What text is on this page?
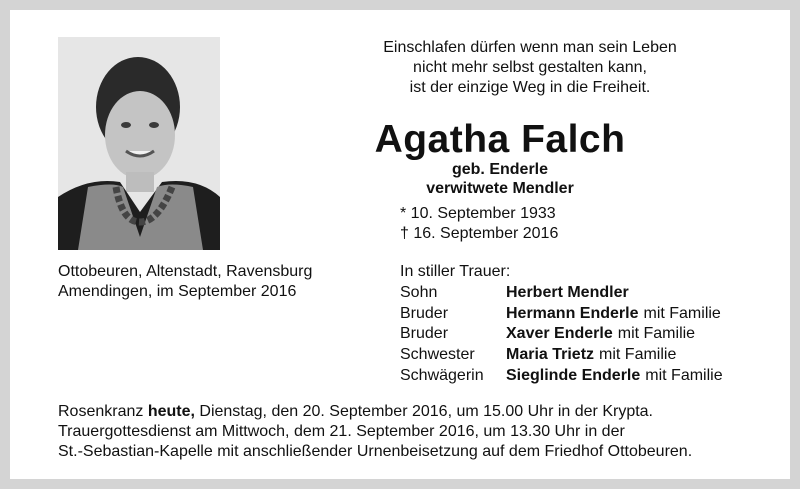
Einschlafen dürfen wenn man sein Leben
nicht mehr selbst gestalten kann,
ist der einzige Weg in die Freiheit.
Agatha Falch
geb. Enderle
verwitwete Mendler
* 10. September 1933
† 16. September 2016
Ottobeuren, Altenstadt, Ravensburg
Amendingen, im September 2016
In stiller Trauer:
Sohn	Herbert Mendler
Bruder	Hermann Enderle mit Familie
Bruder	Xaver Enderle mit Familie
Schwester	Maria Trietz mit Familie
Schwägerin	Sieglinde Enderle mit Familie
Rosenkranz heute, Dienstag, den 20. September 2016, um 15.00 Uhr in der Krypta.
Trauergottesdienst am Mittwoch, dem 21. September 2016, um 13.30 Uhr in der
St.-Sebastian-Kapelle mit anschließender Urnenbeisetzung auf dem Friedhof Ottobeuren.
